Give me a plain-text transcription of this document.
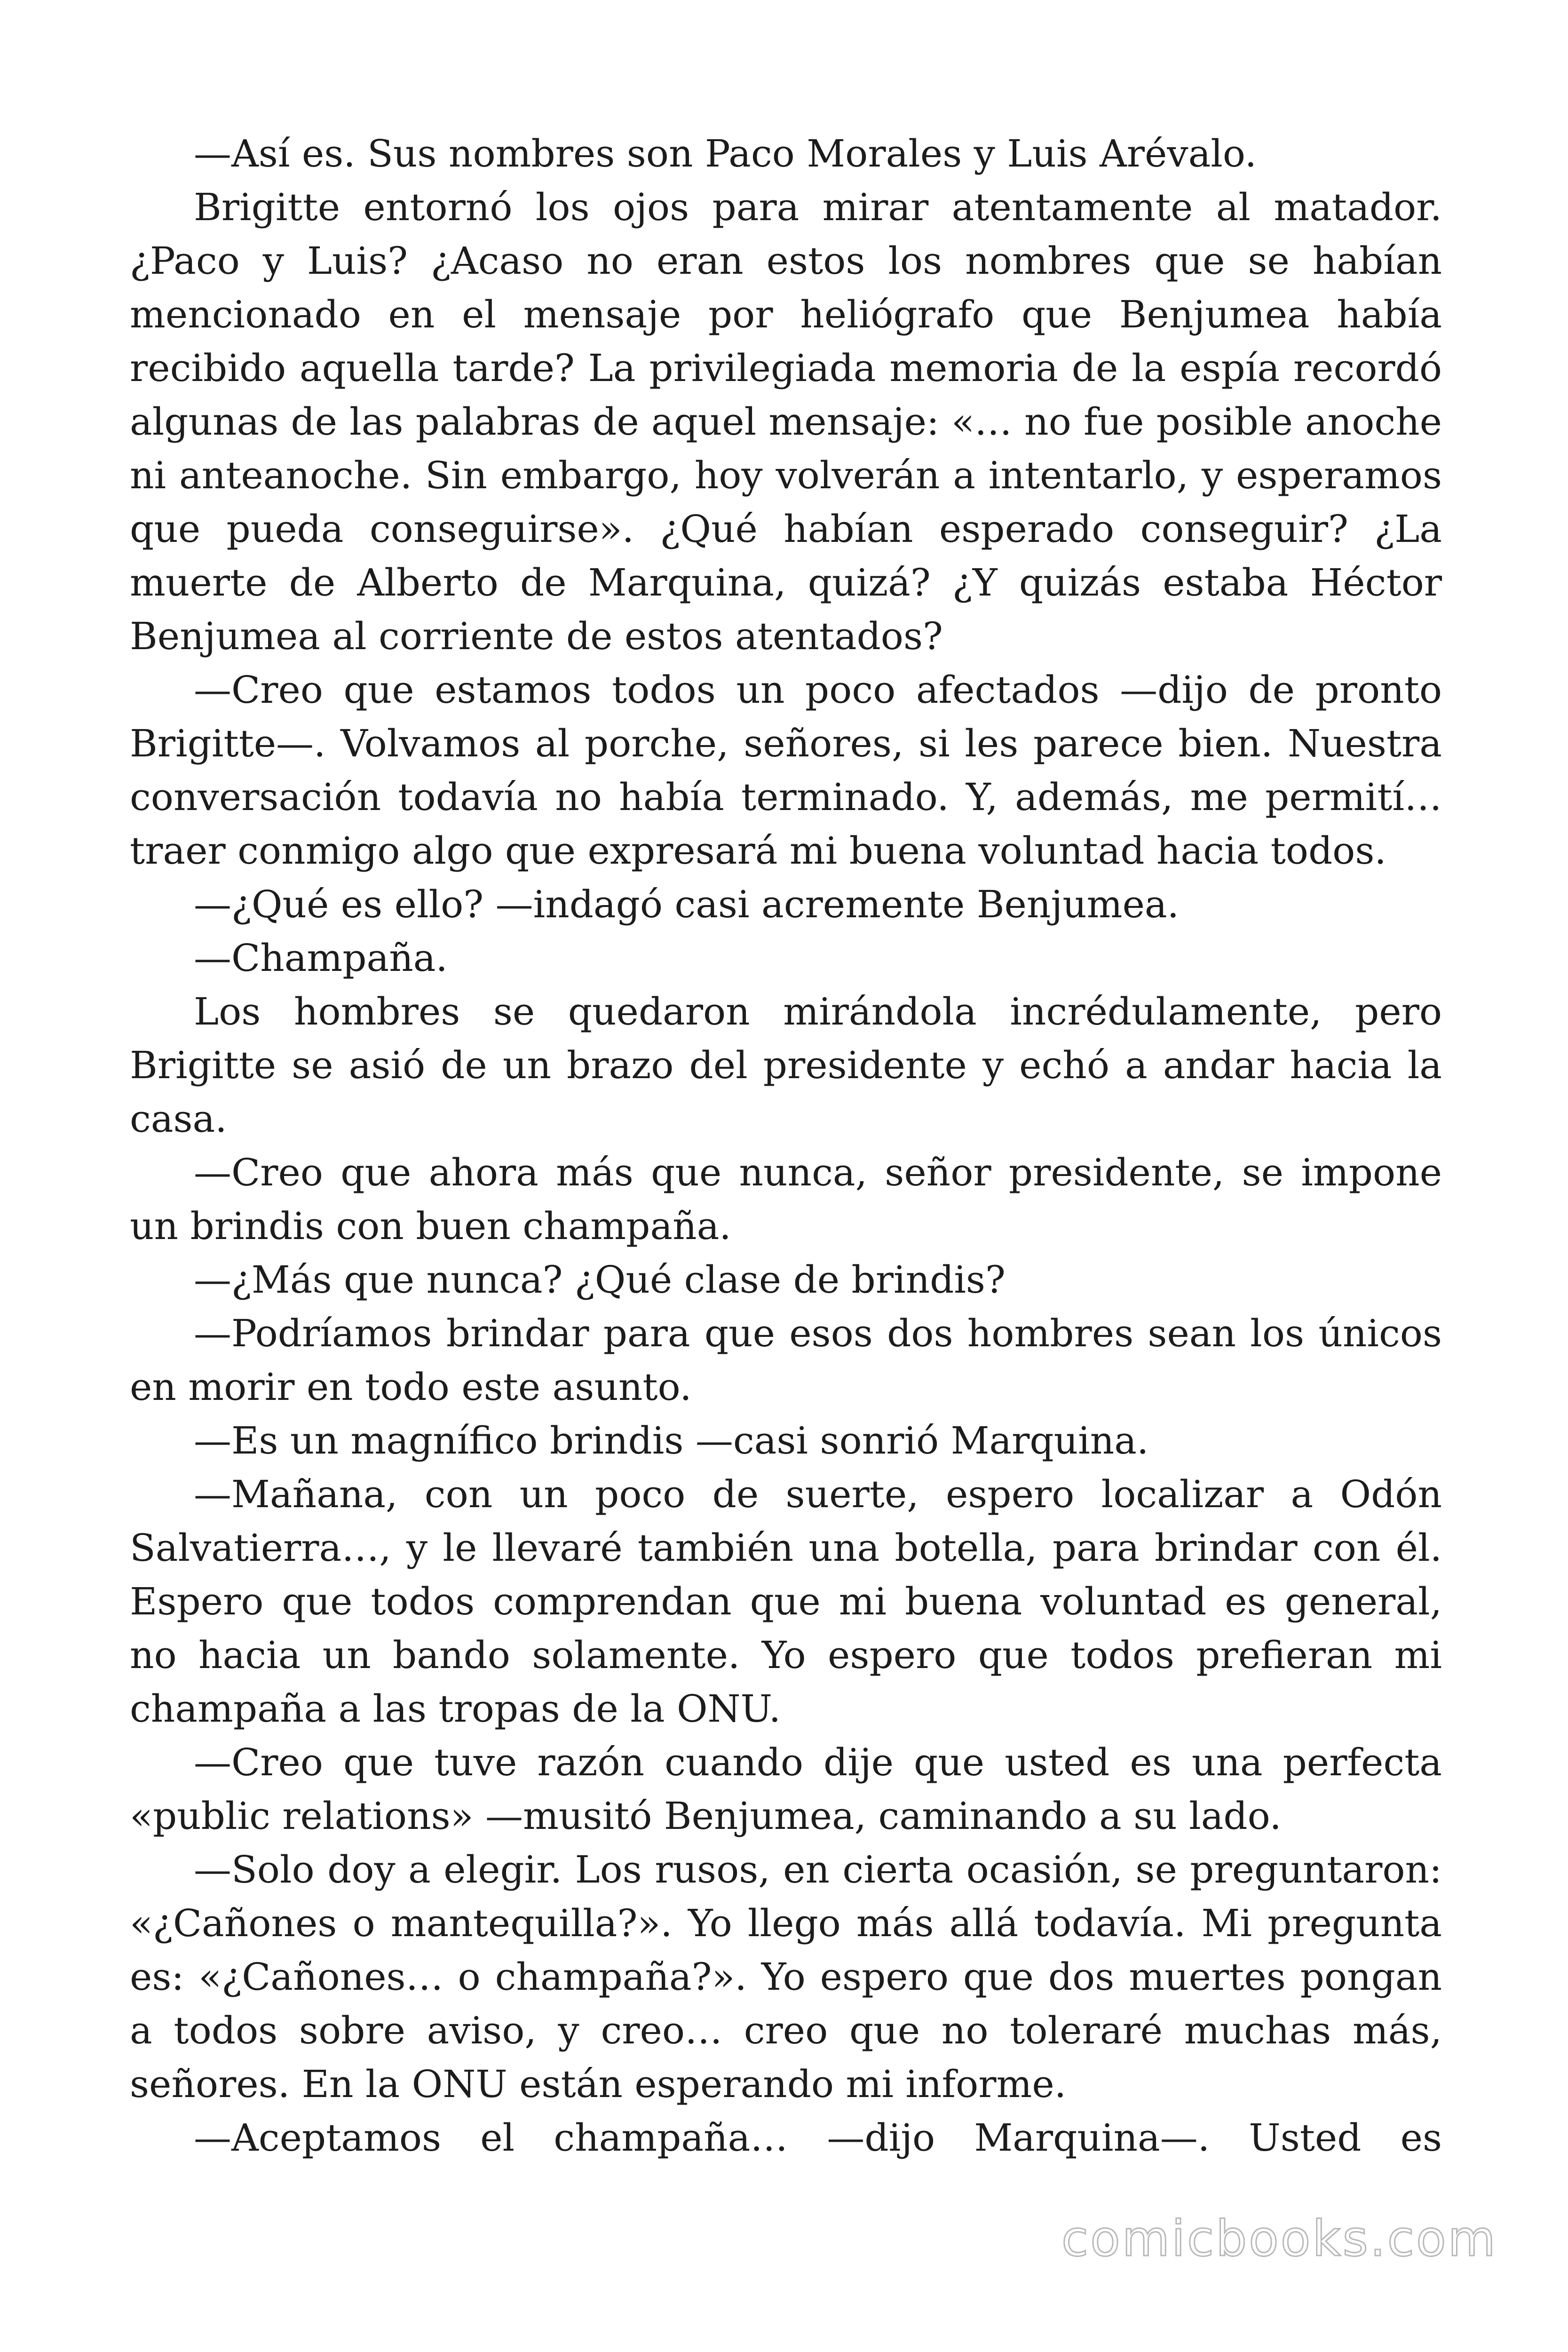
—Así es. Sus nombres son Paco Morales y Luis Arévalo.

Brigitte entornó los ojos para mirar atentamente al matador. ¿Paco y Luis? ¿Acaso no eran estos los nombres que se habían mencionado en el mensaje por heliógrafo que Benjumea había recibido aquella tarde? La privilegiada memoria de la espía recordó algunas de las palabras de aquel mensaje: «… no fue posible anoche ni anteanoche. Sin embargo, hoy volverán a intentarlo, y esperamos que pueda conseguirse». ¿Qué habían esperado conseguir? ¿La muerte de Alberto de Marquina, quizá? ¿Y quizás estaba Héctor Benjumea al corriente de estos atentados?

—Creo que estamos todos un poco afectados —dijo de pronto Brigitte—. Volvamos al porche, señores, si les parece bien. Nuestra conversación todavía no había terminado. Y, además, me permití… traer conmigo algo que expresará mi buena voluntad hacia todos.

—¿Qué es ello? —indagó casi acremente Benjumea.

—Champaña.

Los hombres se quedaron mirándola incrédulamente, pero Brigitte se asió de un brazo del presidente y echó a andar hacia la casa.

—Creo que ahora más que nunca, señor presidente, se impone un brindis con buen champaña.

—¿Más que nunca? ¿Qué clase de brindis?

—Podríamos brindar para que esos dos hombres sean los únicos en morir en todo este asunto.

—Es un magnífico brindis —casi sonrió Marquina.

—Mañana, con un poco de suerte, espero localizar a Odón Salvatierra…, y le llevaré también una botella, para brindar con él. Espero que todos comprendan que mi buena voluntad es general, no hacia un bando solamente. Yo espero que todos prefieran mi champaña a las tropas de la ONU.

—Creo que tuve razón cuando dije que usted es una perfecta «public relations» —musitó Benjumea, caminando a su lado.

—Solo doy a elegir. Los rusos, en cierta ocasión, se preguntaron: «¿Cañones o mantequilla?». Yo llego más allá todavía. Mi pregunta es: «¿Cañones… o champaña?». Yo espero que dos muertes pongan a todos sobre aviso, y creo… creo que no toleraré muchas más, señores. En la ONU están esperando mi informe.

—Aceptamos el champaña… —dijo Marquina—. Usted es

comicbooks.com
